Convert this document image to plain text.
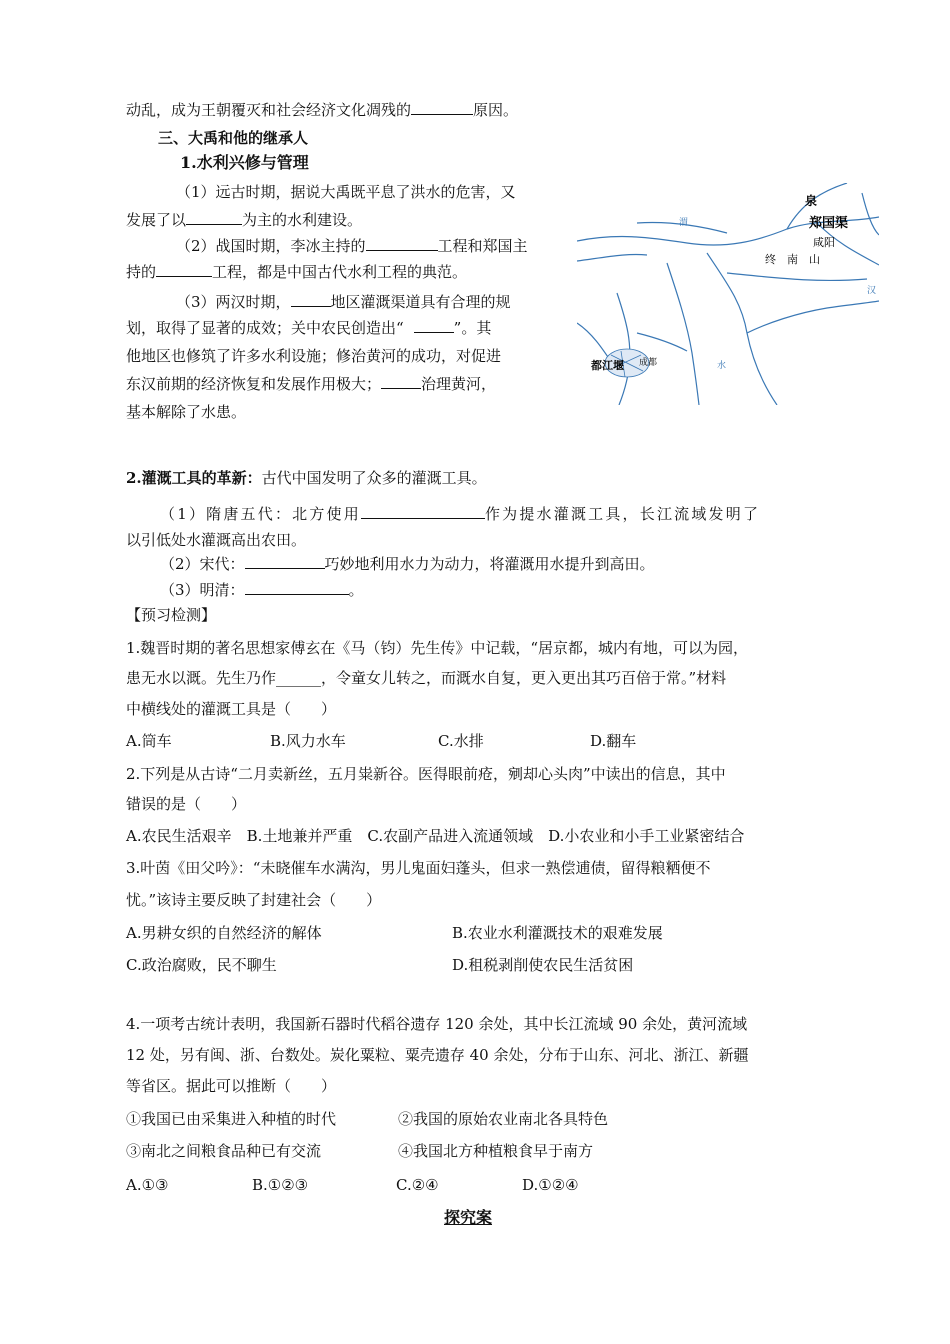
动乱，成为王朝覆灭和社会经济文化凋残的	原因。
三、大禹和他的继承人
1.水利兴修与管理
（1）远古时期，据说大禹既平息了洪水的危害，又
发展了以	为主的水利建设。
（2）战国时期，李冰主持的	工程和郑国主
持的	工程，都是中国古代水利工程的典范。
（3）两汉时期，	地区灌溉渠道具有合理的规
划，取得了显著的成效；关中农民创造出“	”。其
他地区也修筑了许多水利设施；修治黄河的成功，对促进
东汉前期的经济恢复和发展作用极大；	治理黄河，
基本解除了水患。
泉
郑国渠
咸阳
终　南　山
都江堰 成都
渭
汉
水
2.灌溉工具的革新：古代中国发明了众多的灌溉工具。
（1）隋唐五代：北方使用	作为提水灌溉工具，长江流域发明了
以引低处水灌溉高出农田。
（2）宋代：	巧妙地利用水力为动力，将灌溉用水提升到高田。
（3）明清：	。
【预习检测】
1.魏晋时期的著名思想家傅玄在《马（钧）先生传》中记载，“居京都，城内有地，可以为园，
患无水以溉。先生乃作______，令童女儿转之，而溉水自复，更入更出其巧百倍于常。”材料
中横线处的灌溉工具是（　　）
A.筒车	B.风力水车	C.水排	D.翻车
2.下列是从古诗“二月卖新丝，五月粜新谷。医得眼前疮，剜却心头肉”中读出的信息，其中
错误的是（　　）
A.农民生活艰辛　B.土地兼并严重　C.农副产品进入流通领域　D.小农业和小手工业紧密结合
3.叶茵《田父吟》：“未晓催车水满沟，男儿鬼面妇蓬头，但求一熟偿逋债，留得粮粞便不
忧。”该诗主要反映了封建社会（　　）
A.男耕女织的自然经济的解体	B.农业水利灌溉技术的艰难发展
C.政治腐败，民不聊生	D.租税剥削使农民生活贫困
4.一项考古统计表明，我国新石器时代稻谷遗存 120 余处，其中长江流域 90 余处，黄河流域
12 处，另有闽、浙、台数处。炭化粟粒、粟壳遗存 40 余处，分布于山东、河北、浙江、新疆
等省区。据此可以推断（　　）
①我国已由采集进入种植的时代	②我国的原始农业南北各具特色
③南北之间粮食品种已有交流	④我国北方种植粮食早于南方
A.①③	B.①②③	C.②④	D.①②④
探究案
